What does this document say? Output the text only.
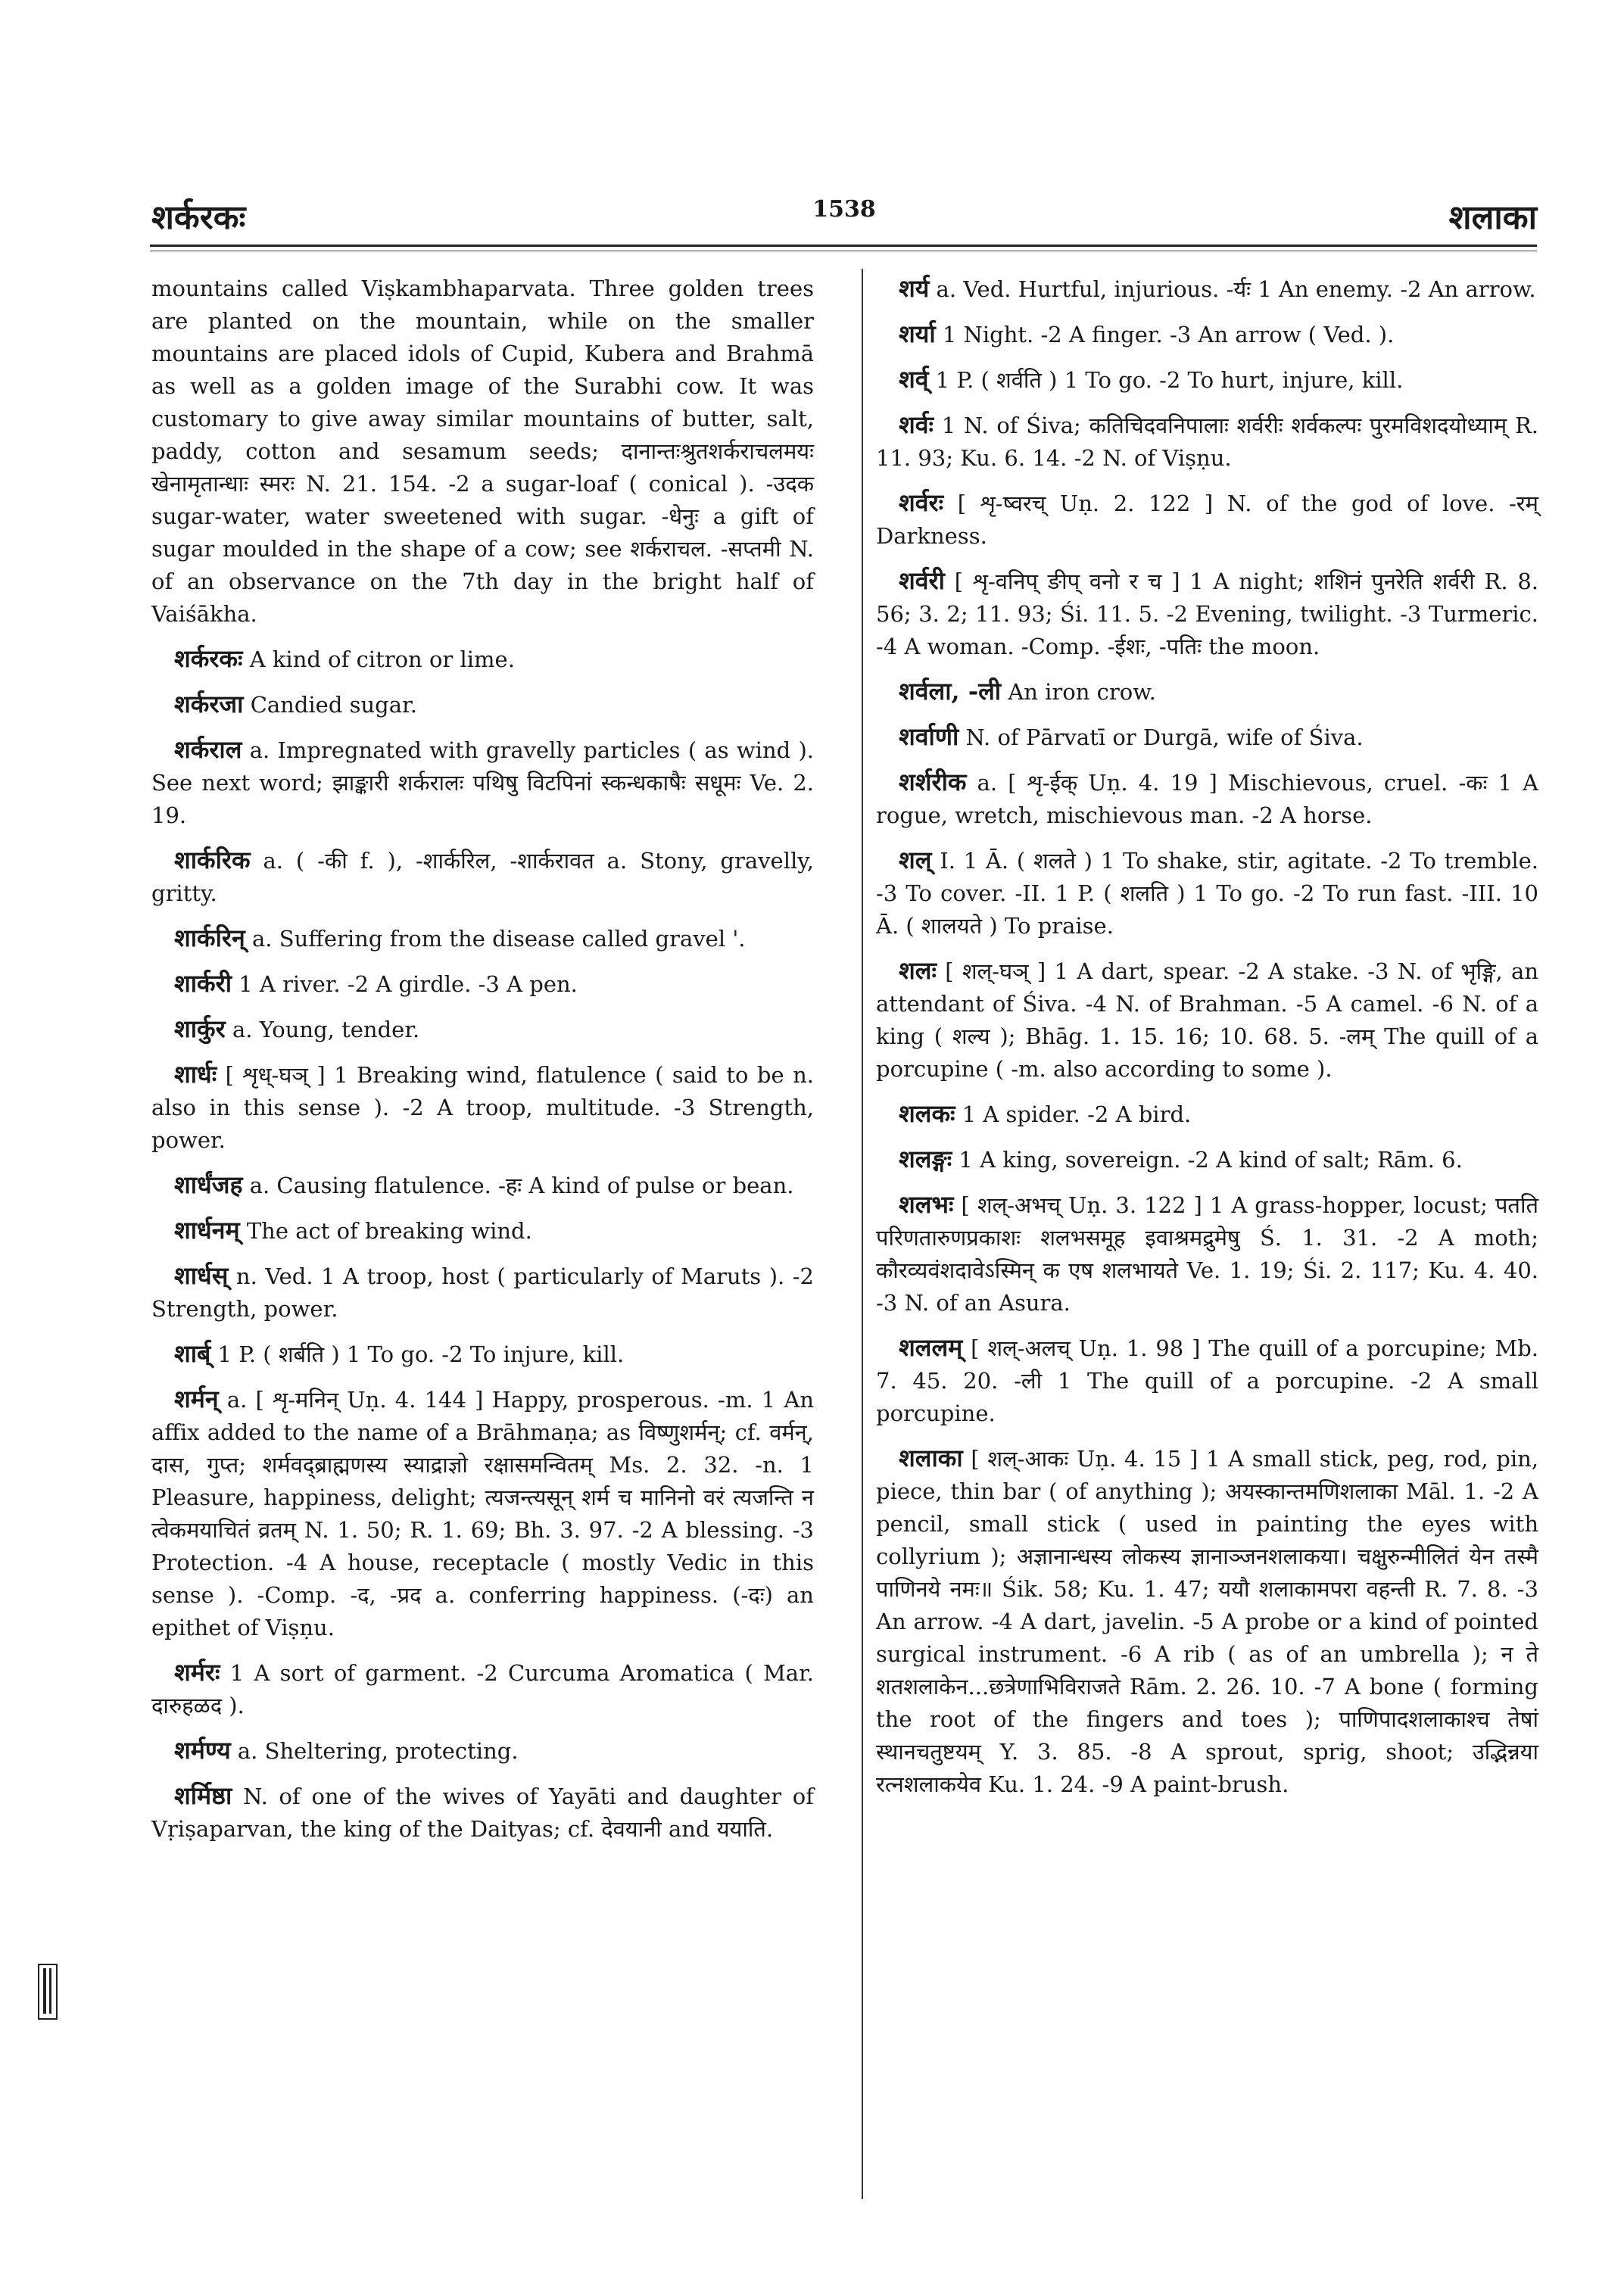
शर्करकः	1538	शलाका

mountains called Viṣkambhaparvata. Three golden trees are planted on the mountain, while on the smaller mountains are placed idols of Cupid, Kubera and Brahmā as well as a golden image of the Surabhi cow. It was customary to give away similar mountains of butter, salt, paddy, cotton and sesamum seeds; दानान्तःश्रुतशर्कराचलमयः खेनामृतान्धाः स्मरः N. 21. 154. -2 a sugar-loaf ( conical ). -उदक sugar-water, water sweetened with sugar. -धेनुः a gift of sugar moulded in the shape of a cow; see शर्कराचल. -सप्तमी N. of an observance on the 7th day in the bright half of Vaiśākha.

शर्करकः A kind of citron or lime.

शर्करजा Candied sugar.

शर्कराल a. Impregnated with gravelly particles ( as wind ). See next word; झाङ्कारी शर्करालः पथिषु विटपिनां स्कन्धकाषैः सधूमः Ve. 2. 19.

शार्करिक a. ( -की f. ), -शार्करिल, -शार्करावत a. Stony, gravelly, gritty.

शार्करिन् a. Suffering from the disease called gravel '.

शार्करी 1 A river. -2 A girdle. -3 A pen.

शार्कुर a. Young, tender.

शार्धः [ शृध्-घञ् ] 1 Breaking wind, flatulence ( said to be n. also in this sense ). -2 A troop, multitude. -3 Strength, power.

शार्धंजह a. Causing flatulence. -हः A kind of pulse or bean.

शार्धनम् The act of breaking wind.

शार्धस् n. Ved. 1 A troop, host ( particularly of Maruts ). -2 Strength, power.

शार्ब् 1 P. ( शर्बति ) 1 To go. -2 To injure, kill.

शर्मन् a. [ शृ-मनिन् Uṇ. 4. 144 ] Happy, prosperous. -m. 1 An affix added to the name of a Brāhmaṇa; as विष्णुशर्मन्; cf. वर्मन्, दास, गुप्त; शर्मवद्ब्राह्मणस्य स्याद्राज्ञो रक्षासमन्वितम् Ms. 2. 32. -n. 1 Pleasure, happiness, delight; त्यजन्त्यसून् शर्म च मानिनो वरं त्यजन्ति न त्वेकमयाचितं व्रतम् N. 1. 50; R. 1. 69; Bh. 3. 97. -2 A blessing. -3 Protection. -4 A house, receptacle ( mostly Vedic in this sense ). -Comp. -द, -प्रद a. conferring happiness. (-दः) an epithet of Viṣṇu.

शर्मरः 1 A sort of garment. -2 Curcuma Aromatica ( Mar. दारुहळद ).

शर्मण्य a. Sheltering, protecting.

शर्मिष्ठा N. of one of the wives of Yayāti and daughter of Vṛiṣaparvan, the king of the Daityas; cf. देवयानी and ययाति.

शर्य a. Ved. Hurtful, injurious. -र्यः 1 An enemy. -2 An arrow.

शर्या 1 Night. -2 A finger. -3 An arrow ( Ved. ).

शर्व् 1 P. ( शर्वति ) 1 To go. -2 To hurt, injure, kill.

शर्वः 1 N. of Śiva; कतिचिदवनिपालाः शर्वरीः शर्वकल्पः पुरमविशदयोध्याम् R. 11. 93; Ku. 6. 14. -2 N. of Viṣṇu.

शर्वरः [ शृ-ष्वरच् Uṇ. 2. 122 ] N. of the god of love. -रम् Darkness.

शर्वरी [ शृ-वनिप् ङीप् वनो र च ] 1 A night; शशिनं पुनरेति शर्वरी R. 8. 56; 3. 2; 11. 93; Śi. 11. 5. -2 Evening, twilight. -3 Turmeric. -4 A woman. -Comp. -ईशः, -पतिः the moon.

शर्वला, -ली An iron crow.

शर्वाणी N. of Pārvatī or Durgā, wife of Śiva.

शर्शरीक a. [ शृ-ईक् Uṇ. 4. 19 ] Mischievous, cruel. -कः 1 A rogue, wretch, mischievous man. -2 A horse.

शल् I. 1 Ā. ( शलते ) 1 To shake, stir, agitate. -2 To tremble. -3 To cover. -II. 1 P. ( शलति ) 1 To go. -2 To run fast. -III. 10 Ā. ( शालयते ) To praise.

शलः [ शल्-घञ् ] 1 A dart, spear. -2 A stake. -3 N. of भृङ्गि, an attendant of Śiva. -4 N. of Brahman. -5 A camel. -6 N. of a king ( शल्य ); Bhāg. 1. 15. 16; 10. 68. 5. -लम् The quill of a porcupine ( -m. also according to some ).

शलकः 1 A spider. -2 A bird.

शलङ्गः 1 A king, sovereign. -2 A kind of salt; Rām. 6.

शलभः [ शल्-अभच् Uṇ. 3. 122 ] 1 A grass-hopper, locust; पतति परिणतारुणप्रकाशः शलभसमूह इवाश्रमद्रुमेषु Ś. 1. 31. -2 A moth; कौरव्यवंशदावेऽस्मिन् क एष शलभायते Ve. 1. 19; Śi. 2. 117; Ku. 4. 40. -3 N. of an Asura.

शललम् [ शल्-अलच् Uṇ. 1. 98 ] The quill of a porcupine; Mb. 7. 45. 20. -ली 1 The quill of a porcupine. -2 A small porcupine.

शलाका [ शल्-आकः Uṇ. 4. 15 ] 1 A small stick, peg, rod, pin, piece, thin bar ( of anything ); अयस्कान्तमणिशलाका Māl. 1. -2 A pencil, small stick ( used in painting the eyes with collyrium ); अज्ञानान्धस्य लोकस्य ज्ञानाञ्जनशलाकया। चक्षुरुन्मीलितं येन तस्मै पाणिनये नमः॥ Śik. 58; Ku. 1. 47; ययौ शलाकामपरा वहन्ती R. 7. 8. -3 An arrow. -4 A dart, javelin. -5 A probe or a kind of pointed surgical instrument. -6 A rib ( as of an umbrella ); न ते शतशलाकेन...छत्रेणाभिविराजते Rām. 2. 26. 10. -7 A bone ( forming the root of the fingers and toes ); पाणिपादशलाकाश्च तेषां स्थानचतुष्टयम् Y. 3. 85. -8 A sprout, sprig, shoot; उद्भिन्नया रत्नशलाकयेव Ku. 1. 24. -9 A paint-brush.
